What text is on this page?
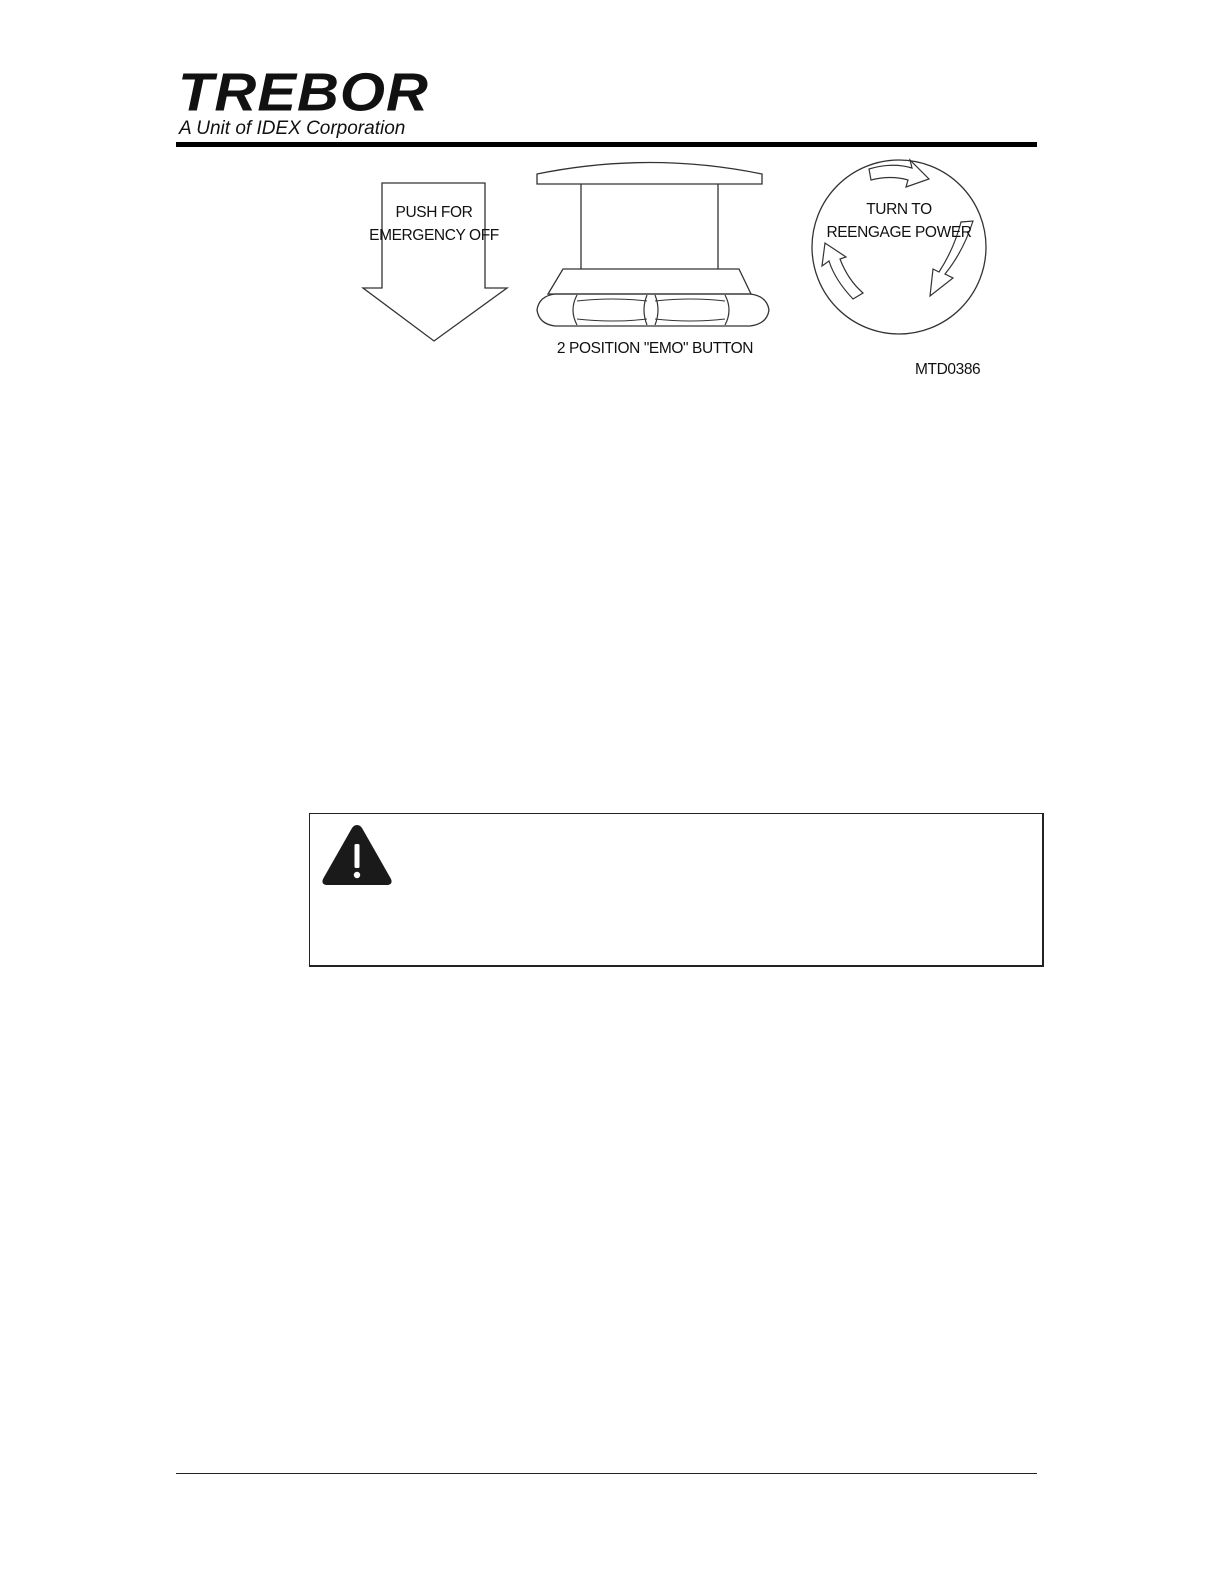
TREBOR
A Unit of IDEX Corporation
PUSH FOR
EMERGENCY OFF
TURN TO
REENGAGE POWER
2 POSITION "EMO" BUTTON
MTD0386
